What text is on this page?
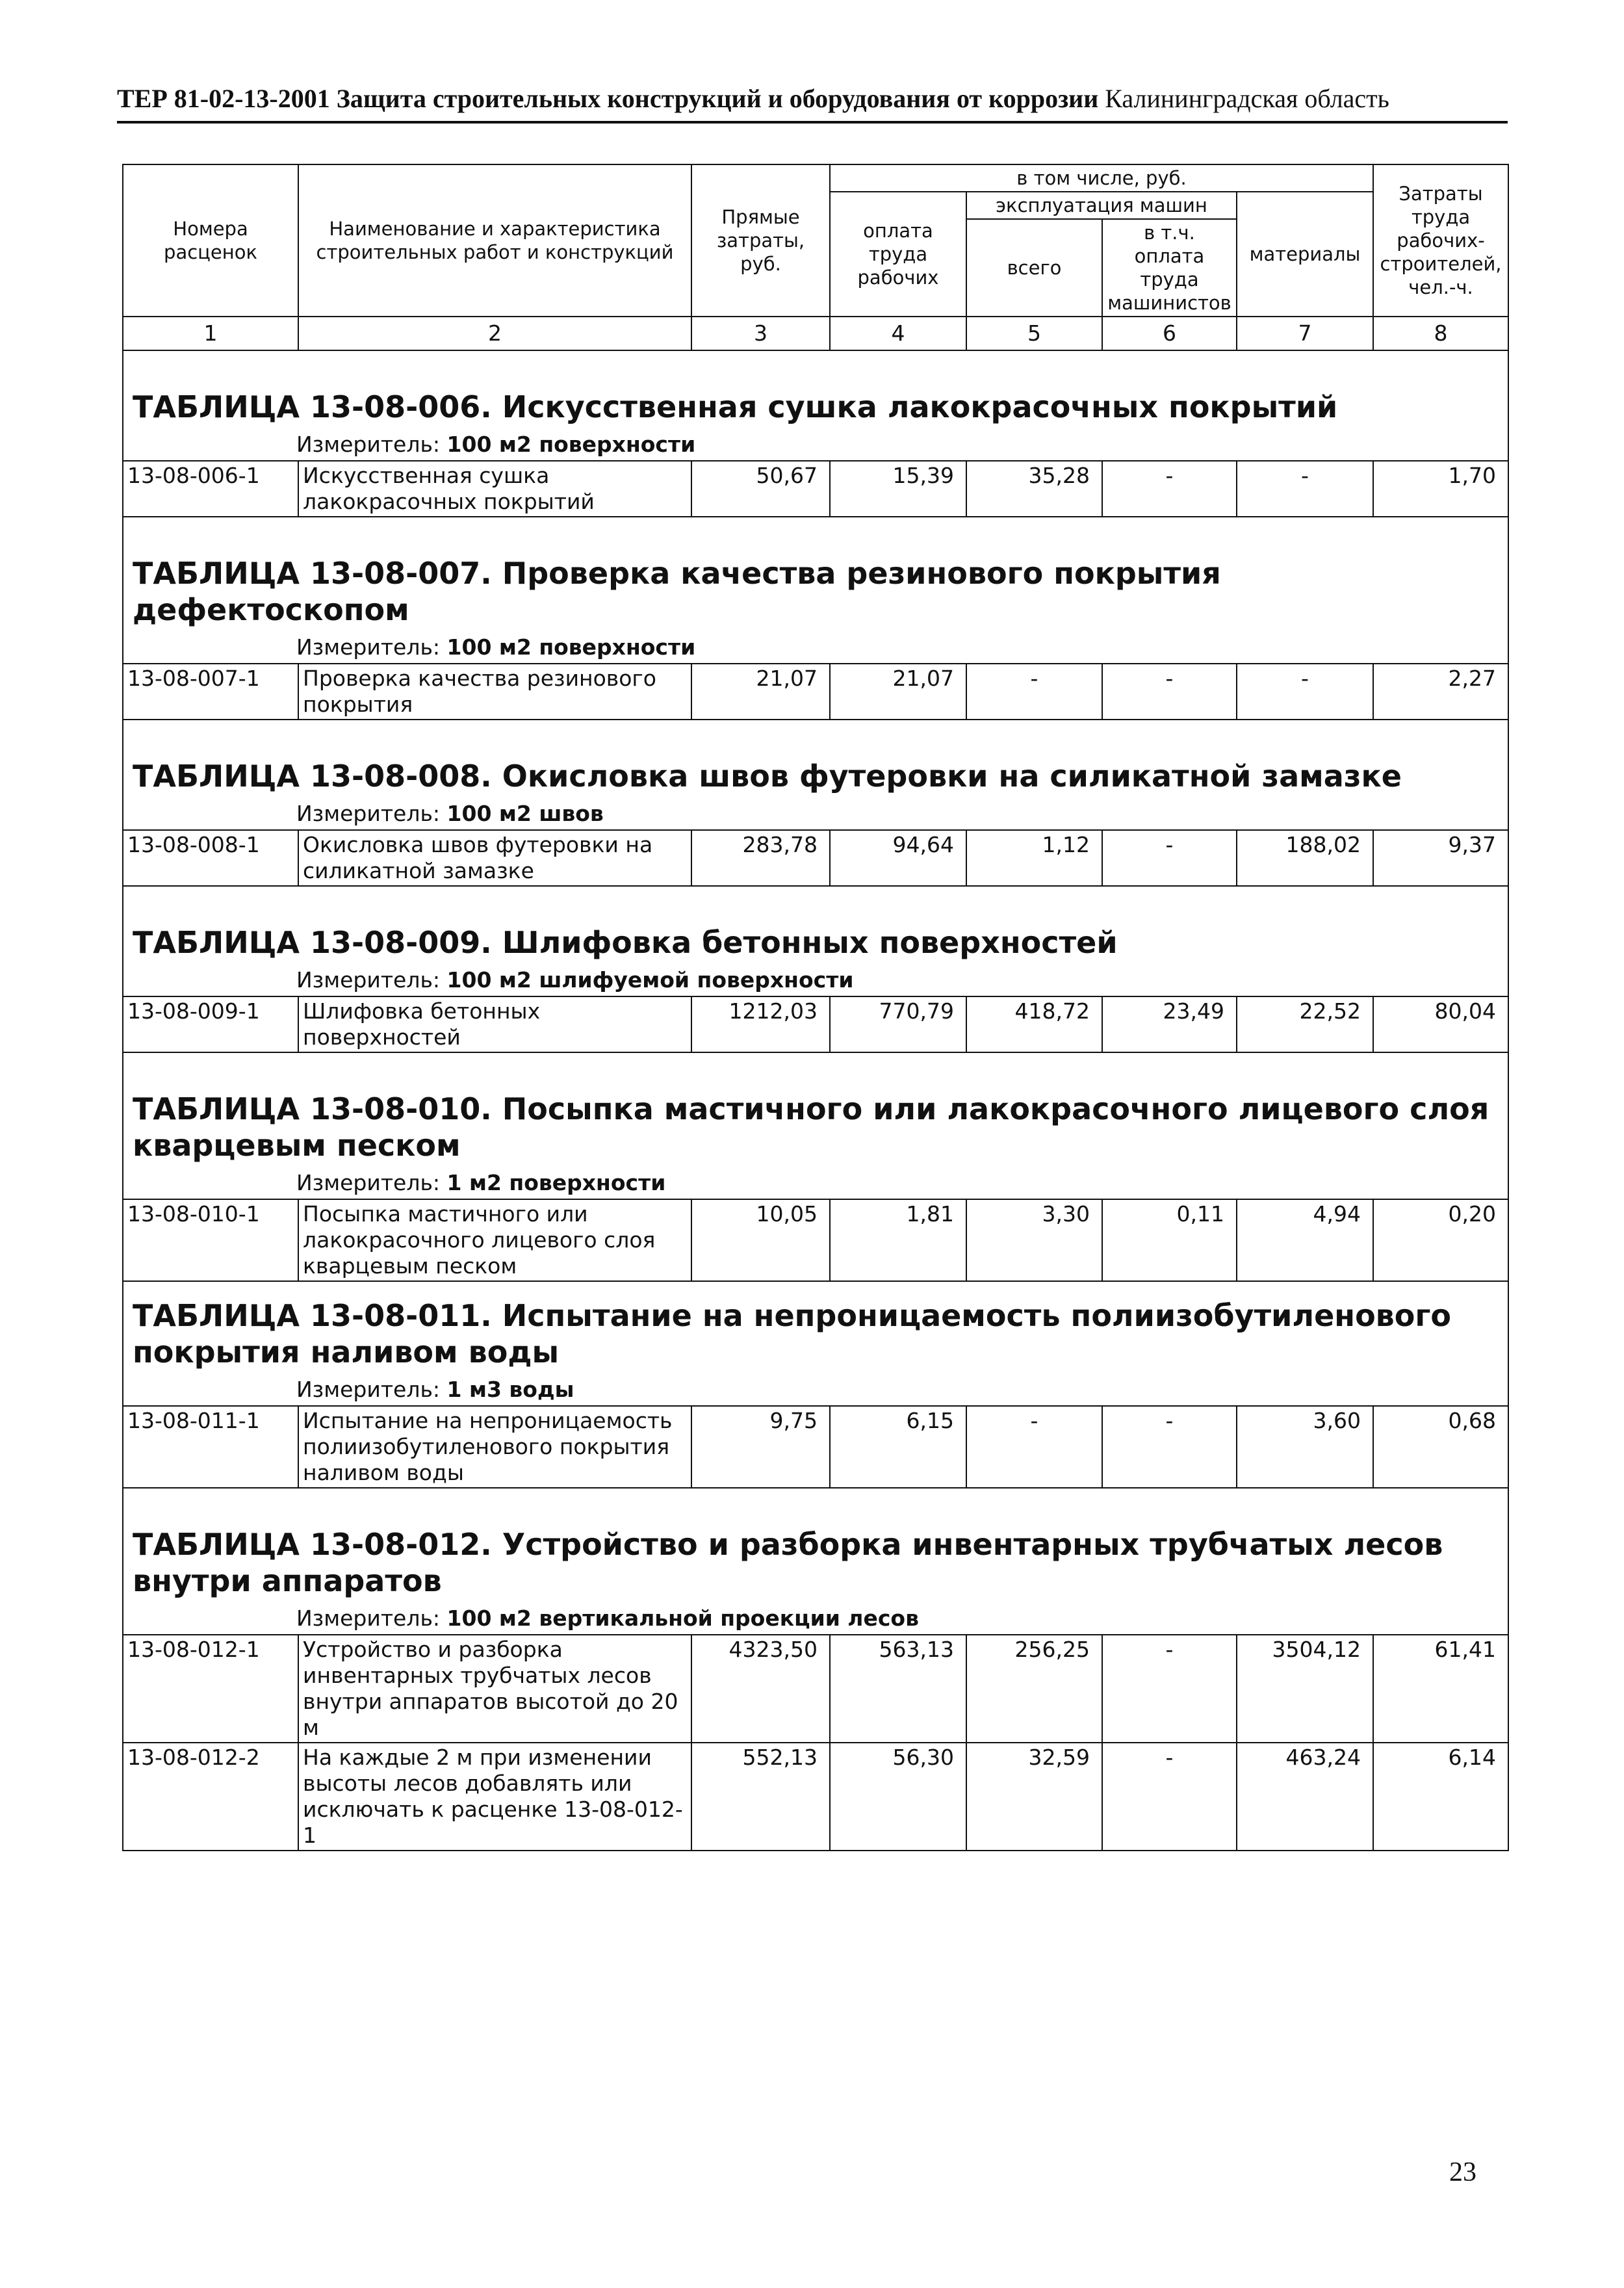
ТЕР 81-02-13-2001 Защита строительных конструкций и оборудования от коррозии Калининградская область
Номера расценок	Наименование и характеристика строительных работ и конструкций	Прямые затраты, руб.	в том числе, руб.				Затраты труда рабочих-строителей, чел.-ч.
			оплата труда рабочих	эксплуатация машин		материалы	
				всего	в т.ч. оплата труда машинистов		
1	2	3	4	5	6	7	8
ТАБЛИЦА 13-08-006. Искусственная сушка лакокрасочных покрытий							
Измеритель: 100 м2 поверхности							
13-08-006-1	Искусственная сушка лакокрасочных покрытий	50,67	15,39	35,28	-	-	1,70
ТАБЛИЦА 13-08-007. Проверка качества резинового покрытия дефектоскопом							
Измеритель: 100 м2 поверхности							
13-08-007-1	Проверка качества резинового покрытия	21,07	21,07	-	-	-	2,27
ТАБЛИЦА 13-08-008. Окисловка швов футеровки на силикатной замазке							
Измеритель: 100 м2 швов							
13-08-008-1	Окисловка швов футеровки на силикатной замазке	283,78	94,64	1,12	-	188,02	9,37
ТАБЛИЦА 13-08-009. Шлифовка бетонных поверхностей							
Измеритель: 100 м2 шлифуемой поверхности							
13-08-009-1	Шлифовка бетонных поверхностей	1212,03	770,79	418,72	23,49	22,52	80,04
ТАБЛИЦА 13-08-010. Посыпка мастичного или лакокрасочного лицевого слоя кварцевым песком							
Измеритель: 1 м2 поверхности							
13-08-010-1	Посыпка мастичного или лакокрасочного лицевого слоя кварцевым песком	10,05	1,81	3,30	0,11	4,94	0,20
ТАБЛИЦА 13-08-011. Испытание на непроницаемость полиизобутиленового покрытия наливом воды							
Измеритель: 1 м3 воды							
13-08-011-1	Испытание на непроницаемость полиизобутиленового покрытия наливом воды	9,75	6,15	-	-	3,60	0,68
ТАБЛИЦА 13-08-012. Устройство и разборка инвентарных трубчатых лесов внутри аппаратов							
Измеритель: 100 м2 вертикальной проекции лесов							
13-08-012-1	Устройство и разборка инвентарных трубчатых лесов внутри аппаратов высотой до 20 м	4323,50	563,13	256,25	-	3504,12	61,41
13-08-012-2	На каждые 2 м при изменении высоты лесов добавлять или исключать к расценке 13-08-012-1	552,13	56,30	32,59	-	463,24	6,14
23
